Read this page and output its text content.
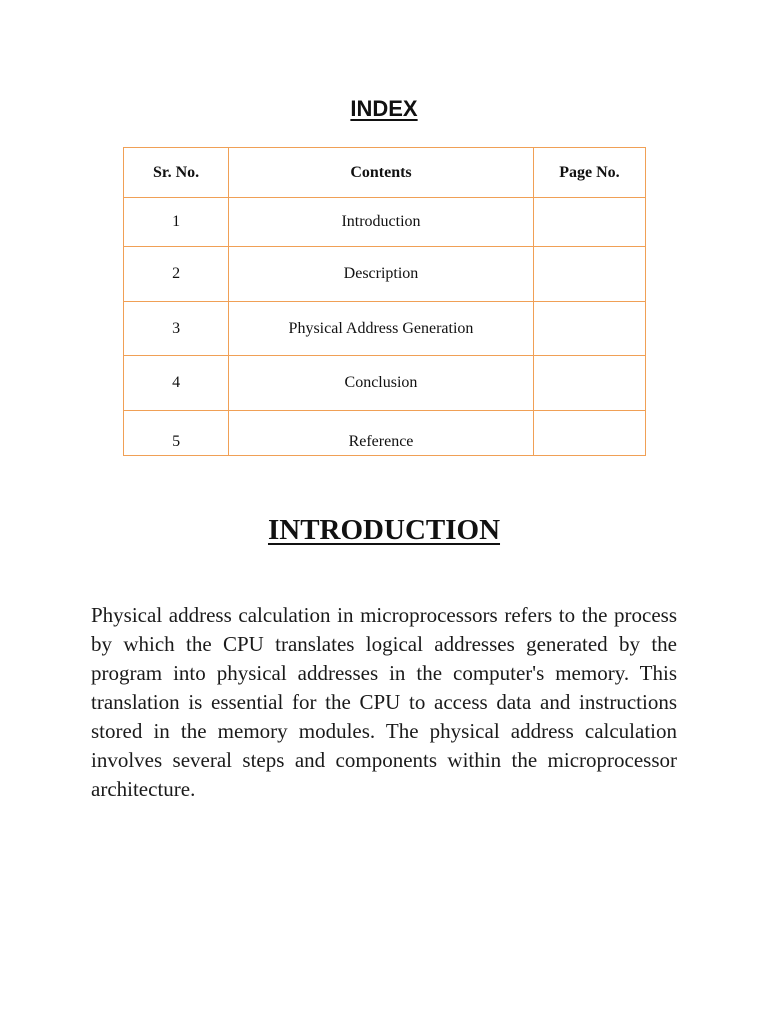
INDEX
Sr. No.	Contents	Page No.
1	Introduction	
2	Description	
3	Physical Address Generation	
4	Conclusion	
5	Reference	
INTRODUCTION

Physical address calculation in microprocessors refers to the process by which the CPU translates logical addresses generated by the program into physical addresses in the computer's memory. This translation is essential for the CPU to access data and instructions stored in the memory modules. The physical address calculation involves several steps and components within the microprocessor architecture.
